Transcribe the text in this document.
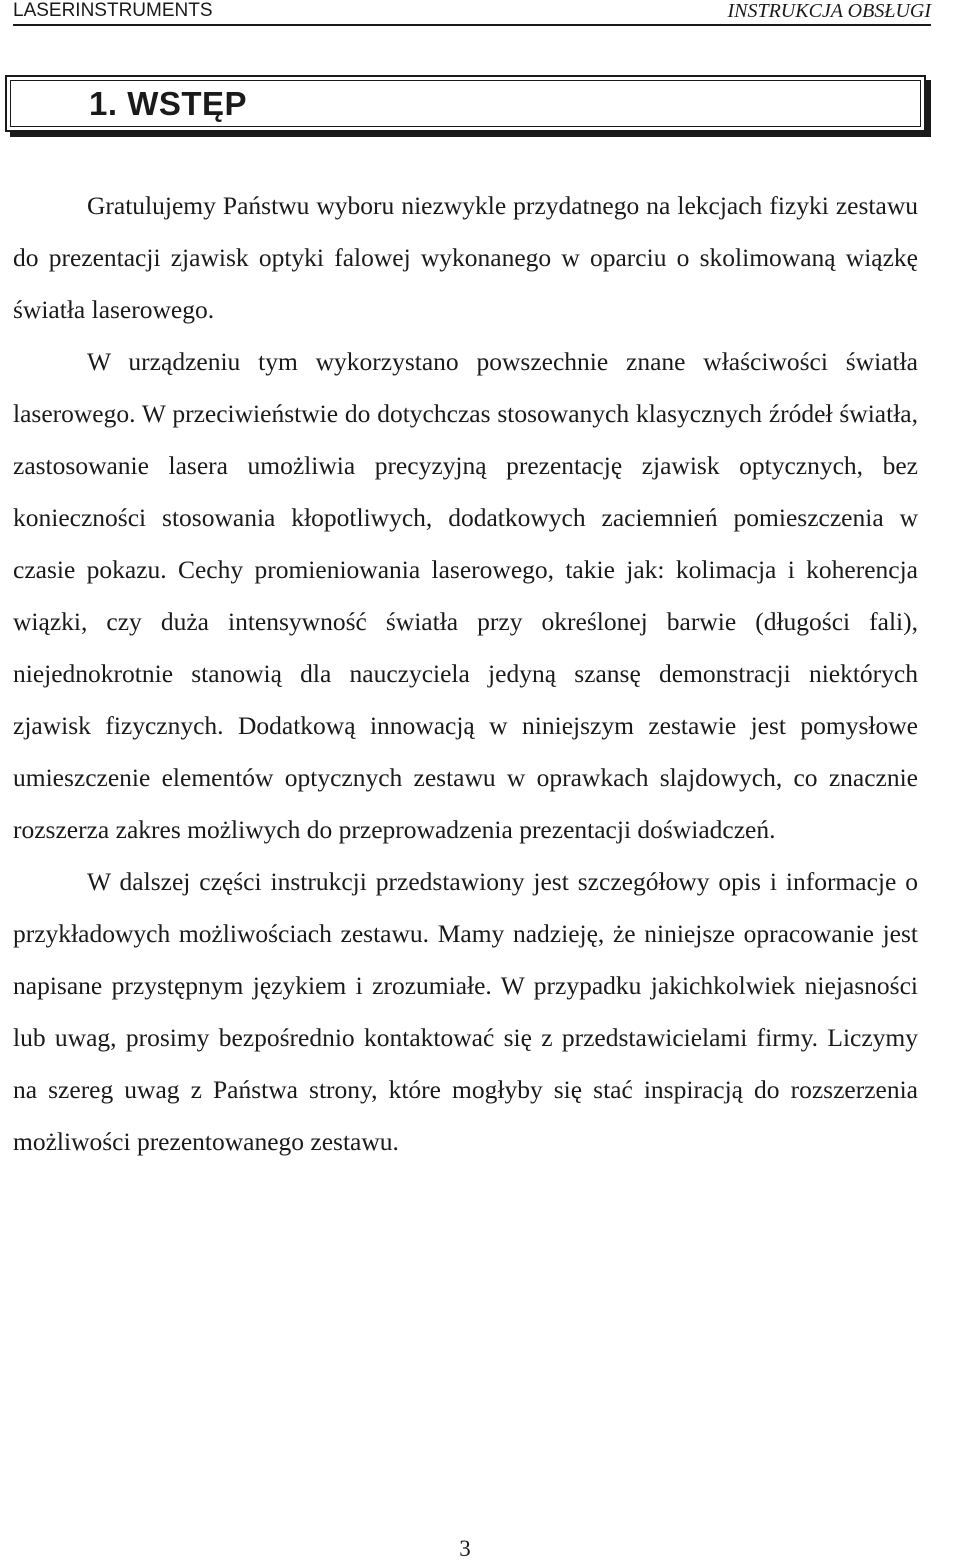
LASERINSTRUMENTS	INSTRUKCJA OBSŁUGI
1. WSTĘP

Gratulujemy Państwu wyboru niezwykle przydatnego na lekcjach fizyki zestawu do prezentacji zjawisk optyki falowej wykonanego w oparciu o skolimowaną wiązkę światła laserowego.

W urządzeniu tym wykorzystano powszechnie znane właściwości światła laserowego. W przeciwieństwie do dotychczas stosowanych klasycznych źródeł światła, zastosowanie lasera umożliwia precyzyjną prezentację zjawisk optycznych, bez konieczności stosowania kłopotliwych, dodatkowych zaciemnień pomieszczenia w czasie pokazu. Cechy promieniowania laserowego, takie jak: kolimacja i koherencja wiązki, czy duża intensywność światła przy określonej barwie (długości fali), niejednokrotnie stanowią dla nauczyciela jedyną szansę demonstracji niektórych zjawisk fizycznych. Dodatkową innowacją w niniejszym zestawie jest pomysłowe umieszczenie elementów optycznych zestawu w oprawkach slajdowych, co znacznie rozszerza zakres możliwych do przeprowadzenia prezentacji doświadczeń.

W dalszej części instrukcji przedstawiony jest szczegółowy opis i informacje o przykładowych możliwościach zestawu. Mamy nadzieję, że niniejsze opracowanie jest napisane przystępnym językiem i zrozumiałe. W przypadku jakichkolwiek niejasności lub uwag, prosimy bezpośrednio kontaktować się z przedstawicielami firmy. Liczymy na szereg uwag z Państwa strony, które mogłyby się stać inspiracją do rozszerzenia możliwości prezentowanego zestawu.

3
